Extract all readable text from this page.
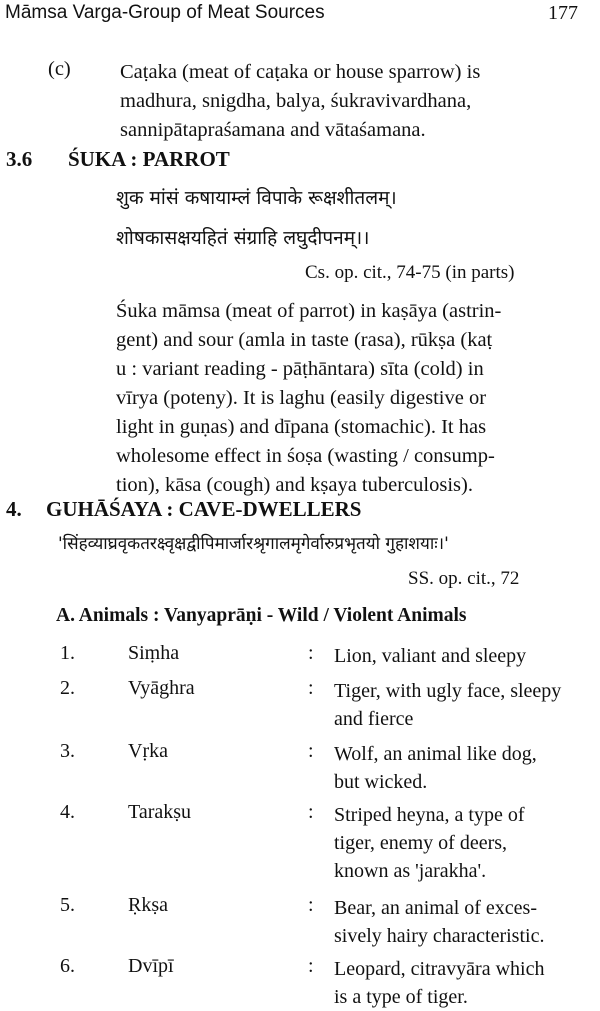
Māmsa Varga-Group of Meat Sources	177
(c) Caṭaka (meat of caṭaka or house sparrow) is
madhura, snigdha, balya, śukravivardhana,
sannipātapraśamana and vātaśamana.
3.6 ŚUKA : PARROT
शुक मांसं कषायाम्लं विपाके रूक्षशीतलम्।
शोषकासक्षयहितं संग्राहि लघुदीपनम्।।
Cs. op. cit., 74-75 (in parts)
Śuka māmsa (meat of parrot) in kaṣāya (astrin-
gent) and sour (amla in taste (rasa), rūkṣa (kaṭ
u : variant reading - pāṭhāntara) sīta (cold) in
vīrya (poteny). It is laghu (easily digestive or
light in guṇas) and dīpana (stomachic). It has
wholesome effect in śoṣa (wasting / consump-
tion), kāsa (cough) and kṣaya tuberculosis).
4. GUHĀŚAYA : CAVE-DWELLERS
'सिंहव्याघ्रवृकतरक्ष्वृक्षद्वीपिमार्जारश्रृगालमृगेर्वारुप्रभृतयो गुहाशयाः।'
SS. op. cit., 72
A. Animals : Vanyaprāṇi - Wild / Violent Animals
1.	Siṃha	: Lion, valiant and sleepy
2.	Vyāghra	: Tiger, with ugly face, sleepy
and fierce
3.	Vṛka	: Wolf, an animal like dog,
but wicked.
4.	Tarakṣu	: Striped heyna, a type of
tiger, enemy of deers,
known as 'jarakha'.
5.	Ṛkṣa	: Bear, an animal of exces-
sively hairy characteristic.
6.	Dvīpī	: Leopard, citravyāra which
is a type of tiger.
